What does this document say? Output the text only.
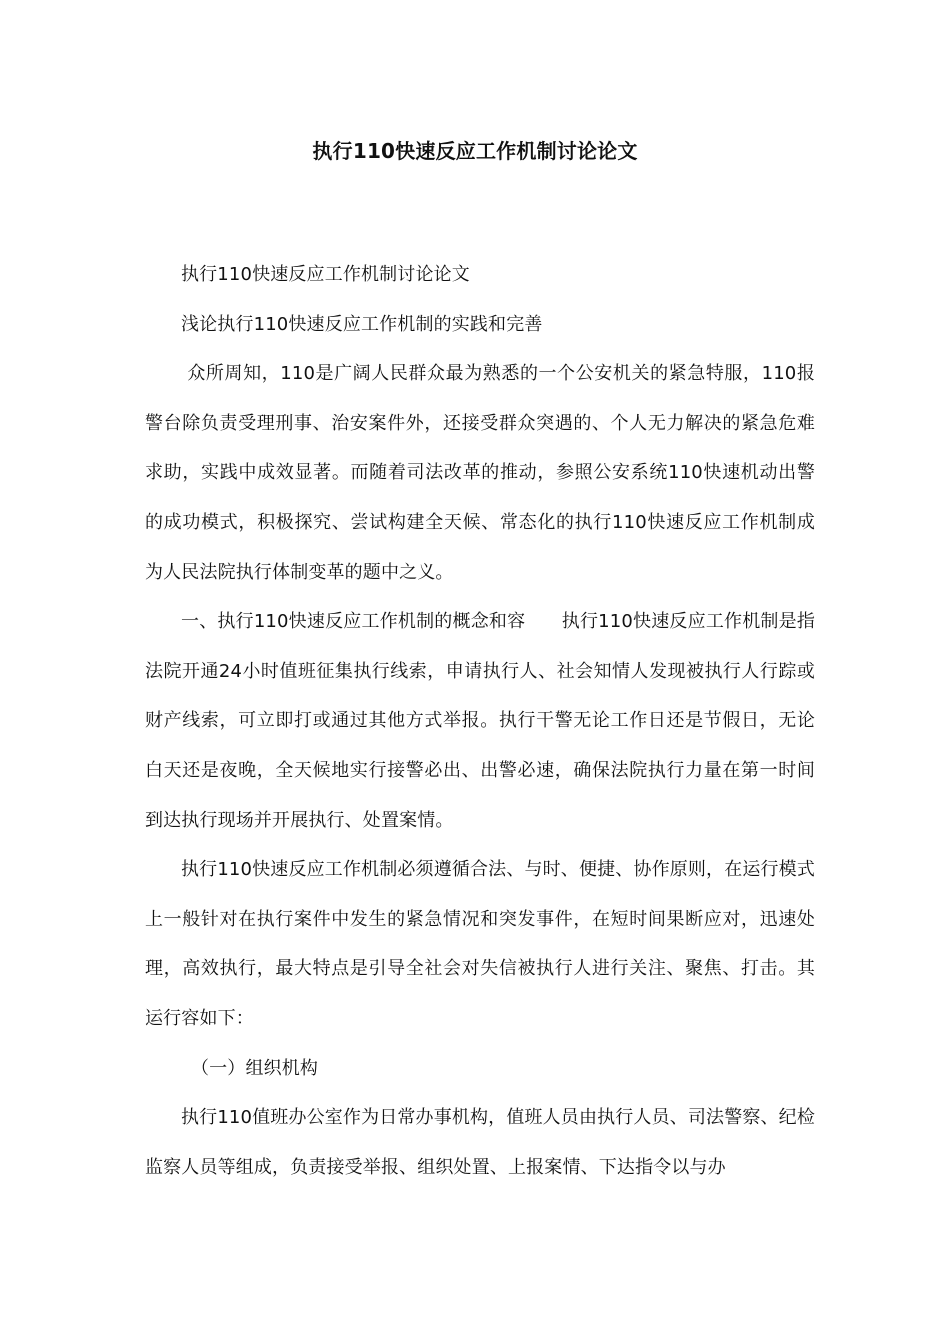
执行110快速反应工作机制讨论论文

执行110快速反应工作机制讨论论文

浅论执行110快速反应工作机制的实践和完善

众所周知，110是广阔人民群众最为熟悉的一个公安机关的紧急特服，110报警台除负责受理刑事、治安案件外，还接受群众突遇的、个人无力解决的紧急危难求助，实践中成效显著。而随着司法改革的推动，参照公安系统110快速机动出警的成功模式，积极探究、尝试构建全天候、常态化的执行110快速反应工作机制成为人民法院执行体制变革的题中之义。

一、执行110快速反应工作机制的概念和容　　执行110快速反应工作机制是指法院开通24小时值班征集执行线索，申请执行人、社会知情人发现被执行人行踪或财产线索，可立即打或通过其他方式举报。执行干警无论工作日还是节假日，无论白天还是夜晚，全天候地实行接警必出、出警必速，确保法院执行力量在第一时间到达执行现场并开展执行、处置案情。

执行110快速反应工作机制必须遵循合法、与时、便捷、协作原则，在运行模式上一般针对在执行案件中发生的紧急情况和突发事件，在短时间果断应对，迅速处理，高效执行，最大特点是引导全社会对失信被执行人进行关注、聚焦、打击。其运行容如下：

（一）组织机构

执行110值班办公室作为日常办事机构，值班人员由执行人员、司法警察、纪检监察人员等组成，负责接受举报、组织处置、上报案情、下达指令以与办
